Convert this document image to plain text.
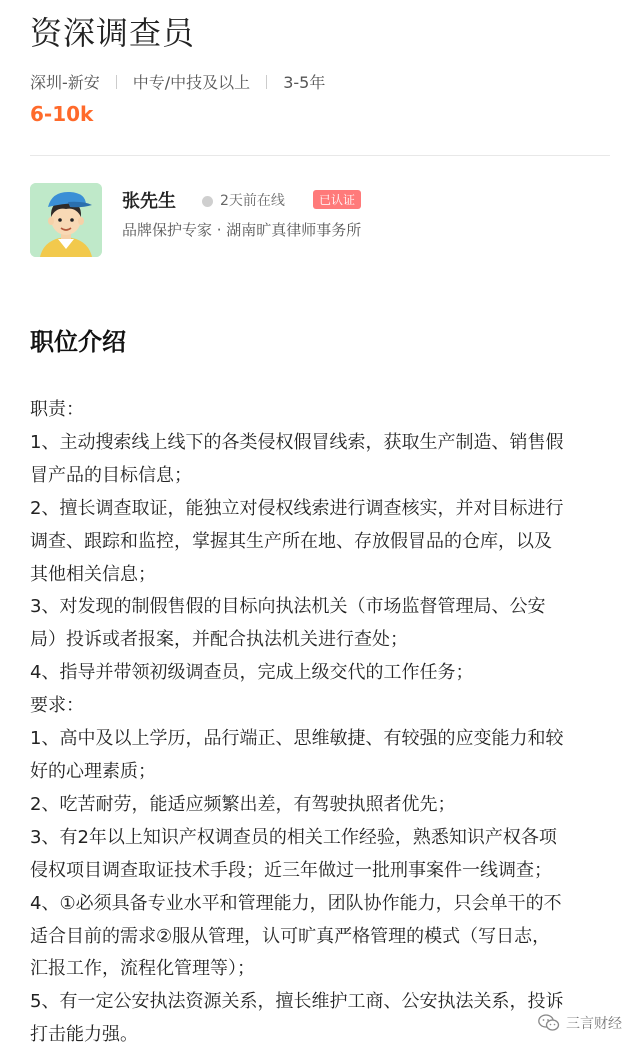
资深调查员
深圳-新安 中专/中技及以上 3-5年
6-10k
张先生	2天前在线	已认证
品牌保护专家 · 湖南旷真律师事务所
职位介绍
职责：
1、主动搜索线上线下的各类侵权假冒线索，获取生产制造、销售假
冒产品的目标信息；
2、擅长调查取证，能独立对侵权线索进行调查核实，并对目标进行
调查、跟踪和监控，掌握其生产所在地、存放假冒品的仓库，以及
其他相关信息；
3、对发现的制假售假的目标向执法机关（市场监督管理局、公安
局）投诉或者报案，并配合执法机关进行查处；
4、指导并带领初级调查员，完成上级交代的工作任务；
要求：
1、高中及以上学历，品行端正、思维敏捷、有较强的应变能力和较
好的心理素质；
2、吃苦耐劳，能适应频繁出差，有驾驶执照者优先；
3、有2年以上知识产权调查员的相关工作经验，熟悉知识产权各项
侵权项目调查取证技术手段；近三年做过一批刑事案件一线调查；
4、①必须具备专业水平和管理能力，团队协作能力，只会单干的不
适合目前的需求②服从管理，认可旷真严格管理的模式（写日志，
汇报工作，流程化管理等）；
5、有一定公安执法资源关系，擅长维护工商、公安执法关系，投诉
打击能力强。
三言财经
